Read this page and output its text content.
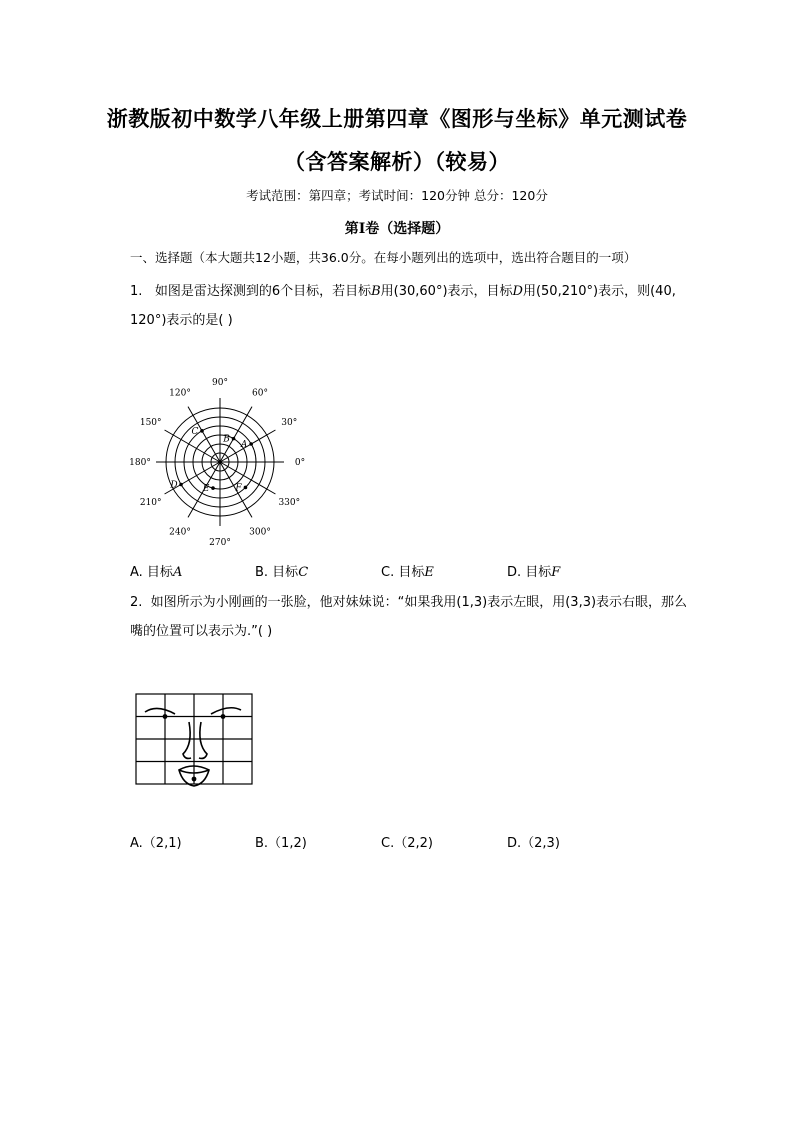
浙教版初中数学八年级上册第四章《图形与坐标》单元测试卷
（含答案解析）（较易）
考试范围：第四章；考试时间：120分钟 总分：120分
第Ⅰ卷（选择题）
一、选择题（本大题共12小题，共36.0分。在每小题列出的选项中，选出符合题目的一项）
1. 如图是雷达探测到的6个目标，若目标B用(30,60°)表示，目标D用(50,210°)表示，则(40,
120°)表示的是( )
90°
60°
30°
0°
330°
300°
270°
240°
210°
180°
150°
120°
A
B
C
D	E	F
A. 目标A	B. 目标C	C. 目标E	D. 目标F
2. 如图所示为小刚画的一张脸，他对妹妹说：“如果我用(1,3)表示左眼，用(3,3)表示右眼，那么嘴的位置可以表示为.”( )
A.（2,1)	B.（1,2)	C.（2,2)	D.（2,3)
